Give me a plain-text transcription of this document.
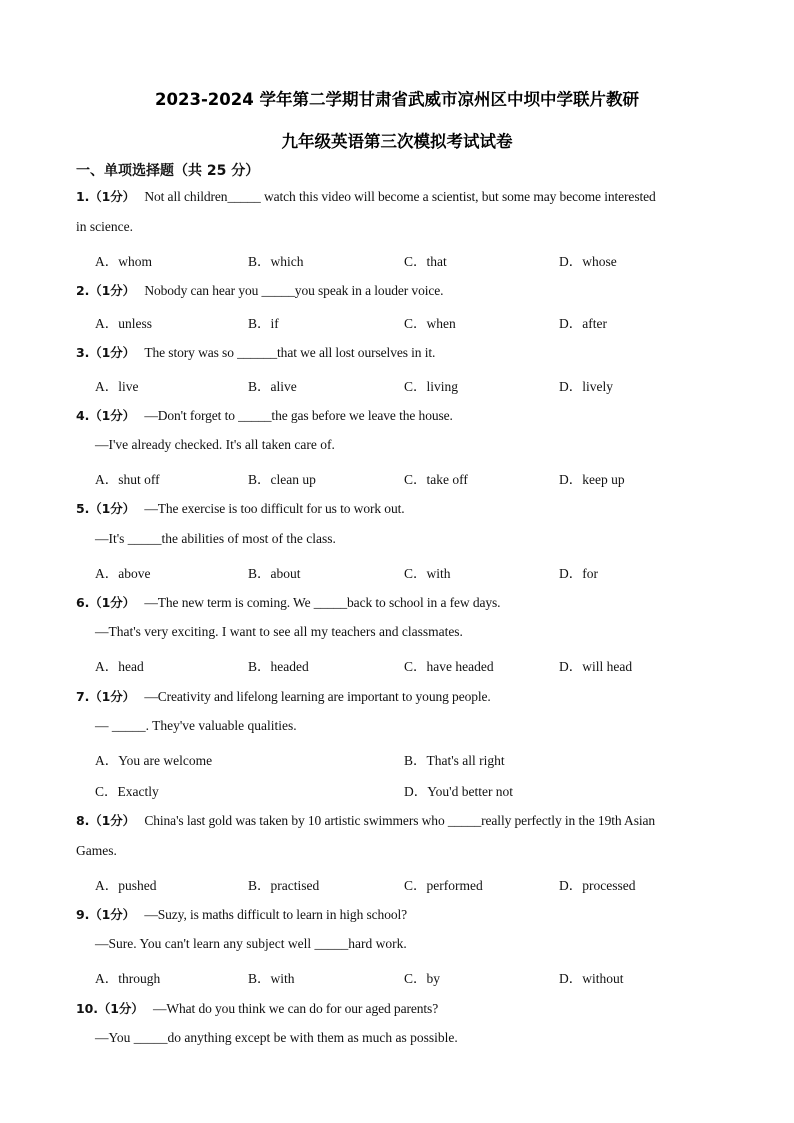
2023-2024 学年第二学期甘肃省武威市凉州区中坝中学联片教研
九年级英语第三次模拟考试试卷
一、单项选择题（共 25 分）
1.（1分） Not all children_____ watch this video will become a scientist, but some may become interested
in science.
A．whom	B．which	C．that	D．whose
2.（1分） Nobody can hear you _____you speak in a louder voice.
A．unless	B．if	C．when	D．after
3.（1分） The story was so ______that we all lost ourselves in it.
A．live	B．alive	C．living	D．lively
4.（1分） —Don't forget to _____the gas before we leave the house.
—I've already checked. It's all taken care of.
A．shut off	B．clean up	C．take off	D．keep up
5.（1分） —The exercise is too difficult for us to work out.
—It's _____the abilities of most of the class.
A．above	B．about	C．with	D．for
6.（1分） —The new term is coming. We _____back to school in a few days.
—That's very exciting. I want to see all my teachers and classmates.
A．head	B．headed	C．have headed	D．will head
7.（1分） —Creativity and lifelong learning are important to young people.
— _____. They've valuable qualities.
A．You are welcome	B．That's all right
C．Exactly	D．You'd better not
8.（1分） China's last gold was taken by 10 artistic swimmers who _____really perfectly in the 19th Asian
Games.
A．pushed	B．practised	C．performed	D．processed
9.（1分） —Suzy, is maths difficult to learn in high school?
—Sure. You can't learn any subject well _____hard work.
A．through	B．with	C．by	D．without
10.（1分） —What do you think we can do for our aged parents?
—You _____do anything except be with them as much as possible.
